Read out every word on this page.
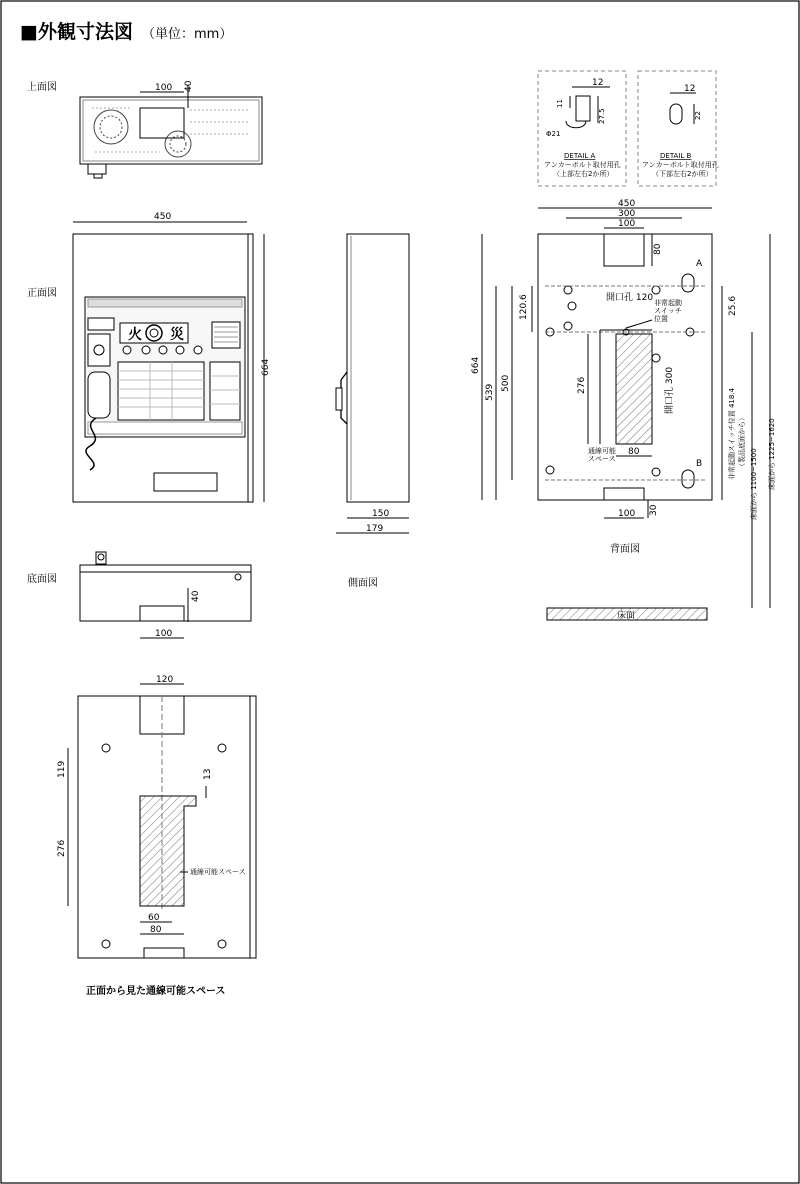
■外観寸法図 （単位：mm）
上面図	100 40
正面図
450
664
火 災
150
179
側面図
底面図
40
100
12
11
27.5
Φ21
DETAIL A
アンカーボルト取付用孔
（上部左右2か所）
12
22
DETAIL B
アンカーボルト取付用孔
（下部左右2か所）
450
300
100
80
A
開口孔 120 非常起動
スイッチ
位置
120.6	25.6
664
539
500	276	開口孔 300
通線可能
スペース
80
B
100 30
非常起動スイッチ位置 418.4 （製品底面から）
床面から 1100~1500 床面から 1225~1620
背面図
床面
120
119	13
276
通線可能スペース
60
80
正面から見た通線可能スペース
